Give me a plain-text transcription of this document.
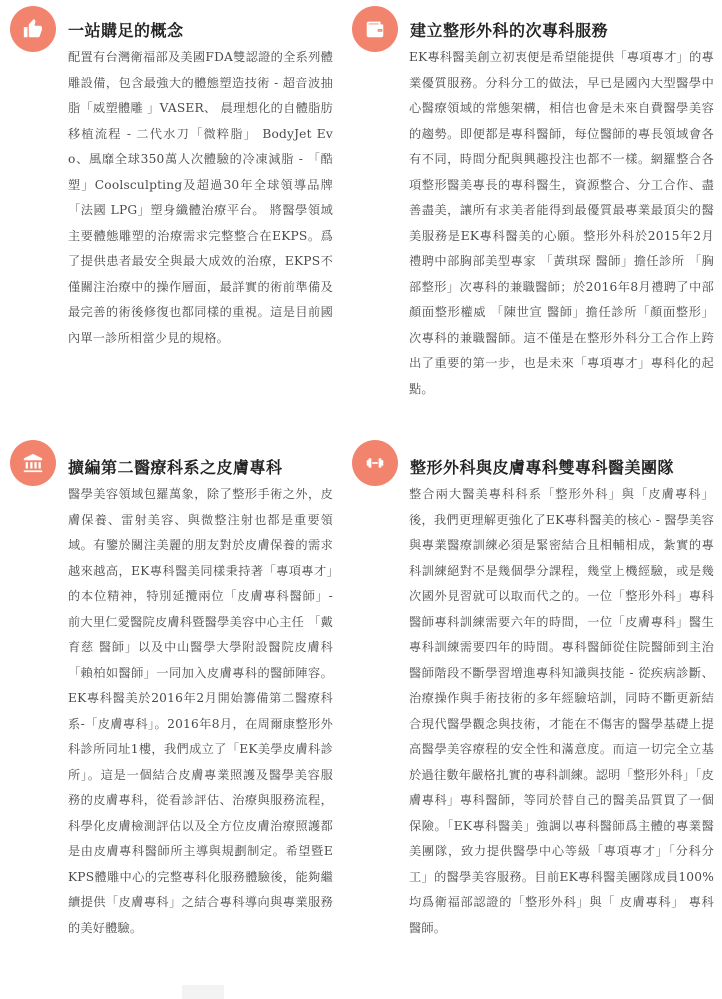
一站購足的概念
配置有台灣衛福部及美國FDA雙認證的全系列體雕設備，包含最強大的體態塑造技術 - 超音波抽脂「威塑體雕 」VASER、 晨理想化的自體脂肪移植流程 - 二代水刀「微粹脂」 BodyJet Evo、風靡全球350萬人次體驗的冷凍減脂 - 「酷塑」Coolsculpting及超過30年全球領導品牌「法國 LPG」塑身纖體治療平台。 將醫學領域主要體態雕塑的治療需求完整整合在EKPS。爲了提供患者最安全與最大成效的治療，EKPS不僅關注治療中的操作層面，最詳實的術前準備及最完善的術後修復也都同樣的重視。這是目前國內單一診所相當少見的規格。
建立整形外科的次專科服務
EK專科醫美創立初衷便是希望能提供「專項專才」的專業優質服務。分科分工的做法，早已是國內大型醫學中心醫療領域的常態架構，相信也會是未來自費醫學美容的趨勢。即便都是專科醫師，每位醫師的專長領域會各有不同，時間分配與興趣投注也都不一樣。網羅整合各項整形醫美專長的專科醫生，資源整合、分工合作、盡善盡美，讓所有求美者能得到最優質最專業最頂尖的醫美服務是EK專科醫美的心願。整形外科於2015年2月禮聘中部胸部美型專家 「黃琪琛 醫師」擔任診所 「胸部整形」次專科的兼職醫師；於2016年8月禮聘了中部顏面整形權威 「陳世宣 醫師」擔任診所「顏面整形」次專科的兼職醫師。這不僅是在整形外科分工合作上跨出了重要的第一步，也是未來「專項專才」專科化的起點。
擴編第二醫療科系之皮膚專科
醫學美容領域包羅萬象，除了整形手術之外，皮膚保養、雷射美容、與微整注射也都是重要領域。有鑒於關注美麗的朋友對於皮膚保養的需求越來越高，EK專科醫美同樣秉持著「專項專才」的本位精神，特別延攬兩位「皮膚專科醫師」- 前大里仁愛醫院皮膚科暨醫學美容中心主任 「戴育慈 醫師」以及中山醫學大學附設醫院皮膚科 「賴柏如醫師」一同加入皮膚專科的醫師陣容。EK專科醫美於2016年2月開始籌備第二醫療科系-「皮膚專科」。2016年8月，在周爾康整形外科診所同址1樓，我們成立了「EK美學皮膚科診所」。這是一個結合皮膚專業照護及醫學美容服務的皮膚專科，從看診評估、治療與服務流程，科學化皮膚檢測評估以及全方位皮膚治療照護都是由皮膚專科醫師所主導與規劃制定。希望暨EKPS體雕中心的完整專科化服務體驗後，能夠繼續提供「皮膚專科」之結合專科導向與專業服務的美好體驗。
整形外科與皮膚專科雙專科醫美團隊
整合兩大醫美專科科系「整形外科」與「皮膚專科」後，我們更理解更強化了EK專科醫美的核心 - 醫學美容與專業醫療訓練必須是緊密結合且相輔相成，紮實的專科訓練絕對不是幾個學分課程，幾堂上機經驗，或是幾次國外見習就可以取而代之的。一位「整形外科」專科醫師專科訓練需要六年的時間，一位「皮膚專科」醫生專科訓練需要四年的時間。專科醫師從住院醫師到主治醫師階段不斷學習增進專科知識與技能 - 從疾病診斷、治療操作與手術技術的多年經驗培訓，同時不斷更新結合現代醫學觀念與技術，才能在不傷害的醫學基礎上提高醫學美容療程的安全性和滿意度。而這一切完全立基於過往數年嚴格扎實的專科訓練。認明「整形外科」「皮膚專科」專科醫師，等同於替自己的醫美品質買了一個保險。「EK專科醫美」強調以專科醫師爲主體的專業醫美團隊，致力提供醫學中心等級「專項專才」「分科分工」的醫學美容服務。目前EK專科醫美團隊成員100%均爲衛福部認證的「整形外科」與「 皮膚專科」 專科醫師。
